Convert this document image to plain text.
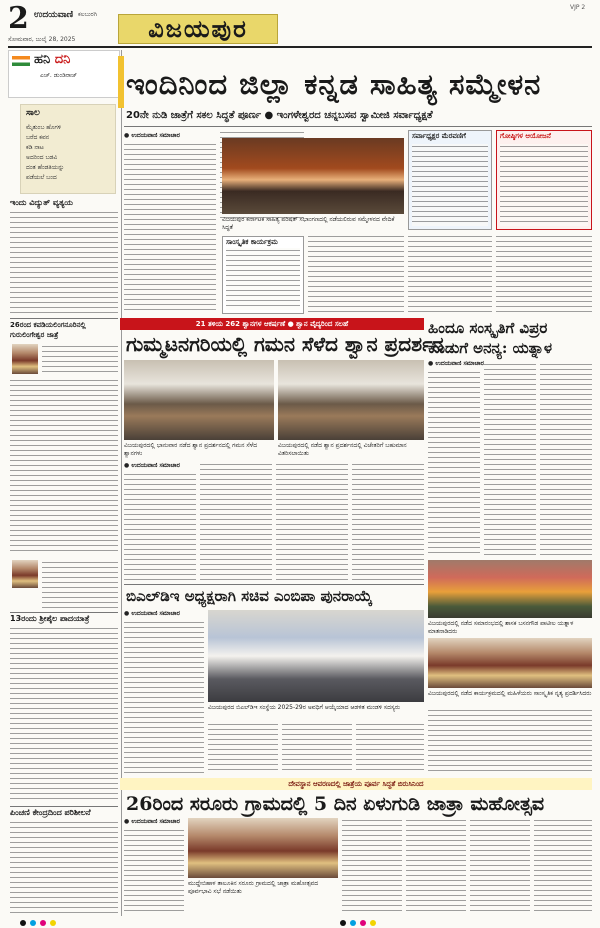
2 ಉದಯವಾಣಿ ಕಲಬುರಗಿ
ಸೋಮವಾರ, ಜುಲೈ 28, 2025	ವಿಜಯಪುರ
VJP 2
ಹನಿ ದನಿ
ಎಚ್. ಡುಂಡಿರಾಜ್
ಸಾಲ
ಮೈತುಂಬ ಹೊಗಳಿ
ಬರೆದ ಕವನ
ಕಡಿ ನಾಟ
ಅದರಿಂದ ಬಡವಿ
ದಂತ ಹೆಂಡತಿಯನ್ನು
ಪಡೆಯಲೆ ಬಂದ
ಇಂದು ವಿದ್ಯುತ್ ವ್ಯತ್ಯಯ
26ರಂದ ಕವಡಿಯಲಿಂಗನೂರಿನಲ್ಲಿ ಗುರುಲಿಂಗೇಶ್ವರ ಜಾತ್ರೆ
13ರಂದು ಶ್ರೀಶೈಲ ಪಾದಯಾತ್ರೆ
ಪಿಂಚಣಿ ಕೇಂದ್ರದಿಂದ ಪರಿಶೀಲನೆ
ಇಂದಿನಿಂದ ಜಿಲ್ಲಾ ಕನ್ನಡ ಸಾಹಿತ್ಯ ಸಮ್ಮೇಳನ
20ನೇ ನುಡಿ ಜಾತ್ರೆಗೆ ಸಕಲ ಸಿದ್ಧತೆ ಪೂರ್ಣ ● ಇಂಗಳೇಶ್ವರದ ಚನ್ನಬಸವ ಸ್ವಾಮೀಜಿ ಸರ್ವಾಧ್ಯಕ್ಷತೆ
● ಉದಯವಾಣಿ ಸಮಾಚಾರ
ವಿಜಯಪುರ ಕರ್ನಾಟಕ ಸಾಹಿತ್ಯ ಪರಿಷತ್ ಸಭಾಂಗಣದಲ್ಲಿ ನಡೆಯಲಿರುವ ಸಮ್ಮೇಳನದ ವೇದಿಕೆ ಸಿದ್ಧತೆ
ಸಾಂಸ್ಕೃತಿಕ ಕಾರ್ಯಕ್ರಮ
ಸರ್ವಾಧ್ಯಕ್ಷರ ಮೆರವಣಿಗೆ	ಗೋಷ್ಠಿಗಳ ಆಯೋಜನೆ
21 ತಳಿಯ 262 ಶ್ವಾನಗಳ ಆಕರ್ಷಣೆ ● ಶ್ವಾನ ವೈದ್ಯರಿಂದ ಸಲಹೆ
ಗುಮ್ಮಟನಗರಿಯಲ್ಲಿ ಗಮನ ಸೆಳೆದ ಶ್ವಾನ ಪ್ರದರ್ಶನ
ವಿಜಯಪುರದಲ್ಲಿ ಭಾನುವಾರ ನಡೆದ ಶ್ವಾನ ಪ್ರದರ್ಶನದಲ್ಲಿ ಗಮನ ಸೆಳೆದ ಶ್ವಾನಗಳು
ವಿಜಯಪುರದಲ್ಲಿ ನಡೆದ ಶ್ವಾನ ಪ್ರದರ್ಶನದಲ್ಲಿ ವಿಜೇತರಿಗೆ ಬಹುಮಾನ ವಿತರಿಸಲಾಯಿತು
● ಉದಯವಾಣಿ ಸಮಾಚಾರ
ಹಿಂದೂ ಸಂಸ್ಕೃತಿಗೆ ವಿಪ್ರರ ಕೊಡುಗೆ ಅನನ್ಯ: ಯತ್ನಾಳ
● ಉದಯವಾಣಿ ಸಮಾಚಾರ
ವಿಜಯಪುರದಲ್ಲಿ ನಡೆದ ಸಮಾರಂಭದಲ್ಲಿ ಶಾಸಕ ಬಸನಗೌಡ ಪಾಟೀಲ ಯತ್ನಾಳ ಮಾತನಾಡಿದರು
ವಿಜಯಪುರದಲ್ಲಿ ನಡೆದ ಕಾರ್ಯಕ್ರಮದಲ್ಲಿ ಮಹಿಳೆಯರು ಸಾಂಸ್ಕೃತಿಕ ನೃತ್ಯ ಪ್ರದರ್ಶಿಸಿದರು
ಬಿಎಲ್‌ಡಿಇ ಅಧ್ಯಕ್ಷರಾಗಿ ಸಚಿವ ಎಂಬಿಪಾ ಪುನರಾಯ್ಕೆ
● ಉದಯವಾಣಿ ಸಮಾಚಾರ
ವಿಜಯಪುರದ ಬಿಎಲ್‌ಡಿಇ ಸಂಸ್ಥೆಯ 2025-29ರ ಅವಧಿಗೆ ಆಯ್ಕೆಯಾದ ಆಡಳಿತ ಮಂಡಳಿ ಸದಸ್ಯರು
ದೇವಸ್ಥಾನ ಆವರಣದಲ್ಲಿ ಜಾತ್ರೆಯ ಪೂರ್ವ ಸಿದ್ಧತೆ ಬಿರುಸಿನಿಂದ
26ರಿಂದ ಸರೂರು ಗ್ರಾಮದಲ್ಲಿ 5 ದಿನ ಏಳುಗುಡಿ ಜಾತ್ರಾ ಮಹೋತ್ಸವ
● ಉದಯವಾಣಿ ಸಮಾಚಾರ
ಮುದ್ದೇಬಿಹಾಳ ತಾಲೂಕಿನ ಸರೂರು ಗ್ರಾಮದಲ್ಲಿ ಜಾತ್ರಾ ಮಹೋತ್ಸವದ ಪೂರ್ವಭಾವಿ ಸಭೆ ನಡೆಯಿತು
